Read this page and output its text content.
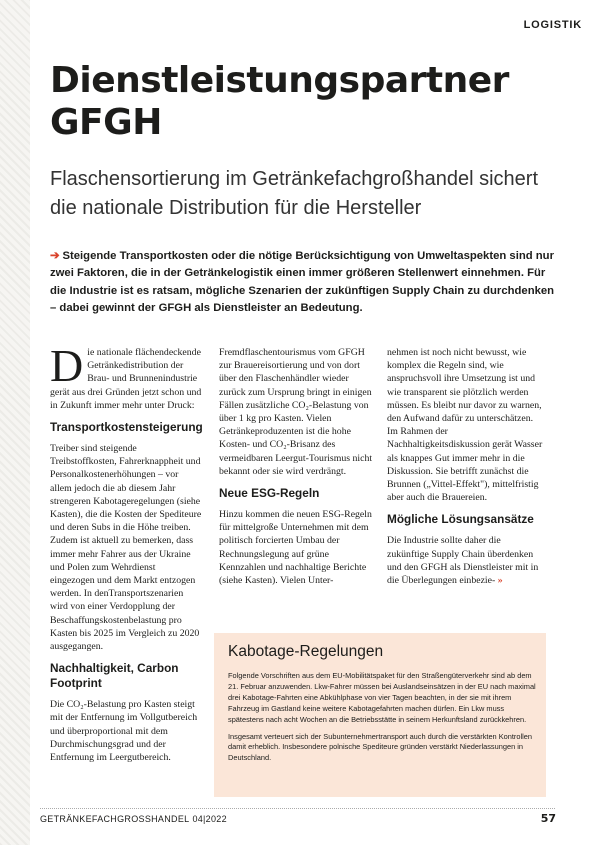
LOGISTIK
Dienstleistungspartner GFGH
Flaschensortierung im Getränkefachgroßhandel sichert die nationale Distribution für die Hersteller

➔ Steigende Transportkosten oder die nötige Berücksichtigung von Umweltaspekten sind nur zwei Faktoren, die in der Getränkelogistik einen immer größeren Stellenwert einnehmen. Für die Industrie ist es ratsam, mögliche Szenarien der zukünftigen Supply Chain zu durchdenken – dabei gewinnt der GFGH als Dienstleister an Bedeutung.

Die nationale flächendeckende Getränkedistribution der Brau- und Brunnenindustrie gerät aus drei Gründen jetzt schon und in Zukunft immer mehr unter Druck:

Transportkostensteigerung

Treiber sind steigende Treibstoffkosten, Fahrerknappheit und Personalkostenerhöhungen – vor allem jedoch die ab diesem Jahr strengeren Kabotageregelungen (siehe Kasten), die die Kosten der Spediteure und deren Subs in die Höhe treiben. Zudem ist aktuell zu bemerken, dass immer mehr Fahrer aus der Ukraine und Polen zum Wehrdienst eingezogen und dem Markt entzogen werden. In denTransportszenarien wird von einer Verdopplung der Beschaffungskostenbelastung pro Kasten bis 2025 im Vergleich zu 2020 ausgegangen.

Nachhaltigkeit, Carbon Footprint

Die CO₂-Belastung pro Kasten steigt mit der Entfernung im Vollgutbereich und überproportional mit dem Durchmischungsgrad und der Entfernung im Leergutbereich.

Fremdflaschentourismus vom GFGH zur Brauereisortierung und von dort über den Flaschenhändler wieder zurück zum Ursprung bringt in einigen Fällen zusätzliche CO₂-Belastung von über 1 kg pro Kasten. Vielen Getränkeproduzenten ist die hohe Kosten- und CO₂-Brisanz des vermeidbaren Leergut-Tourismus nicht bekannt oder sie wird verdrängt.

Neue ESG-Regeln

Hinzu kommen die neuen ESG-Regeln für mittelgroße Unternehmen mit dem politisch forcierten Umbau der Rechnungslegung auf grüne Kennzahlen und nachhaltige Berichte (siehe Kasten). Vielen Unter-

nehmen ist noch nicht bewusst, wie komplex die Regeln sind, wie anspruchsvoll ihre Umsetzung ist und wie transparent sie plötzlich werden müssen. Es bleibt nur davor zu warnen, den Aufwand dafür zu unterschätzen. Im Rahmen der Nachhaltigkeitsdiskussion gerät Wasser als knappes Gut immer mehr in die Diskussion. Sie betrifft zunächst die Brunnen („Vittel-Effekt"), mittelfristig aber auch die Brauereien.

Mögliche Lösungsansätze

Die Industrie sollte daher die zukünftige Supply Chain überdenken und den GFGH als Dienstleister mit in die Überlegungen einbezie- »

Kabotage-Regelungen

Folgende Vorschriften aus dem EU-Mobilitätspaket für den Straßengüterverkehr sind ab dem 21. Februar anzuwenden. Lkw-Fahrer müssen bei Auslandseinsätzen in der EU nach maximal drei Kabotage-Fahrten eine Abkühlphase von vier Tagen beachten, in der sie mit ihrem Fahrzeug im Gastland keine weitere Kabotagefahrten machen dürfen. Ein Lkw muss spätestens nach acht Wochen an die Betriebsstätte in seinem Herkunftsland zurückkehren.

Insgesamt verteuert sich der Subunternehmertransport auch durch die verstärkten Kontrollen damit erheblich. Insbesondere polnische Spediteure gründen verstärkt Niederlassungen in Deutschland.

GETRÄNKEFACHGROSSHANDEL 04|2022	57
